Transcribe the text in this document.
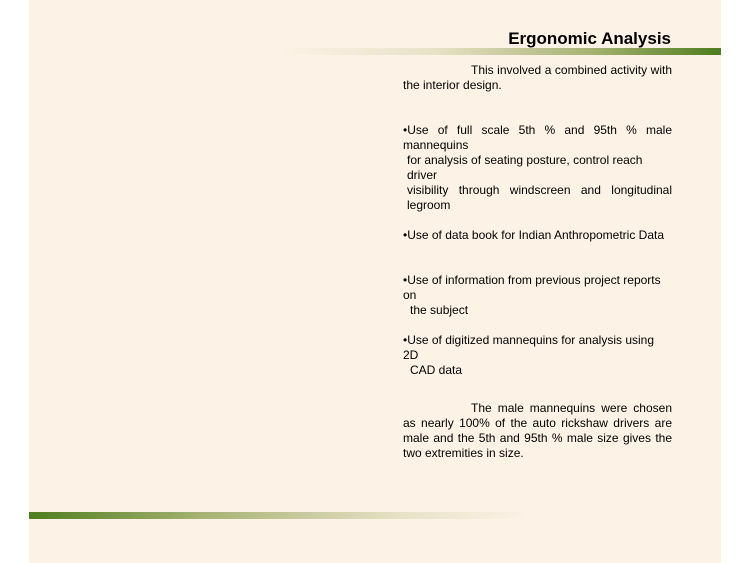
Ergonomic Analysis

This involved a combined activity with the interior design.

•Use of full scale 5th % and 95th % male mannequins

for analysis of seating posture, control reach driver

visibility through windscreen and longitudinal legroom

•Use of data book for Indian Anthropometric Data

•Use of information from previous project reports on

the subject

•Use of digitized mannequins for analysis using 2D

CAD data

The male mannequins were chosen as nearly 100% of the auto rickshaw drivers are male and the 5th and 95th % male size gives the two extremities in size.
